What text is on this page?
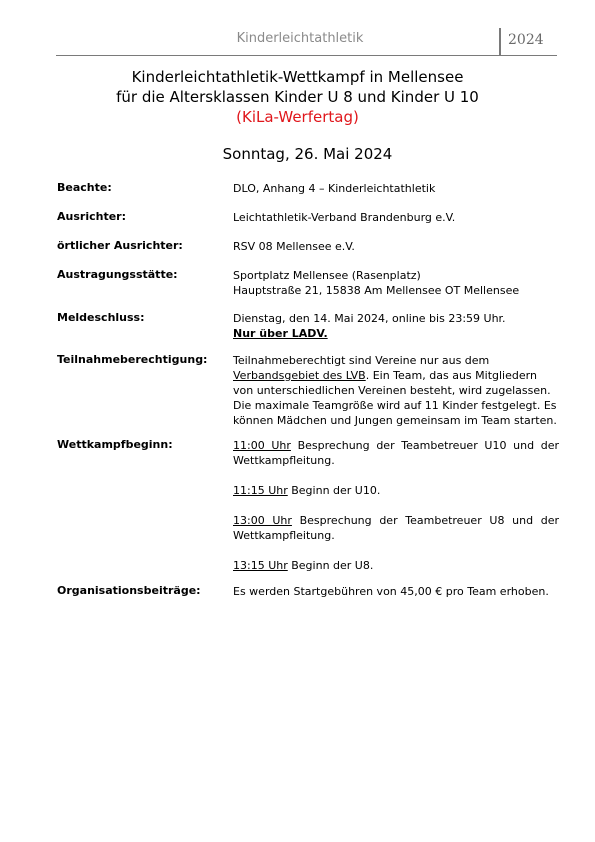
Kinderleichtathletik	2024
Kinderleichtathletik-Wettkampf in Mellensee
für die Altersklassen Kinder U 8 und Kinder U 10
(KiLa-Werfertag)
Sonntag, 26. Mai 2024
Beachte:	DLO, Anhang 4 – Kinderleichtathletik
Ausrichter:	Leichtathletik-Verband Brandenburg e.V.
örtlicher Ausrichter:	RSV 08 Mellensee e.V.
Austragungsstätte:	Sportplatz Mellensee (Rasenplatz)

Hauptstraße 21, 15838 Am Mellensee OT Mellensee

Meldeschluss:	Dienstag, den 14. Mai 2024, online bis 23:59 Uhr.

Nur über LADV.

Teilnahmeberechtigung: Teilnahmeberechtigt sind Vereine nur aus dem Verbandsgebiet des LVB. Ein Team, das aus Mitgliedern von unterschiedlichen Vereinen besteht, wird zugelassen. Die maximale Teamgröße wird auf 11 Kinder festgelegt. Es können Mädchen und Jungen gemeinsam im Team starten.

Wettkampfbeginn:	11:00 Uhr Besprechung der Teambetreuer U10 und der Wettkampfleitung.

11:15 Uhr Beginn der U10.

13:00 Uhr Besprechung der Teambetreuer U8 und der Wettkampfleitung.

13:15 Uhr Beginn der U8.

Organisationsbeiträge:	Es werden Startgebühren von 45,00 € pro Team erhoben.
